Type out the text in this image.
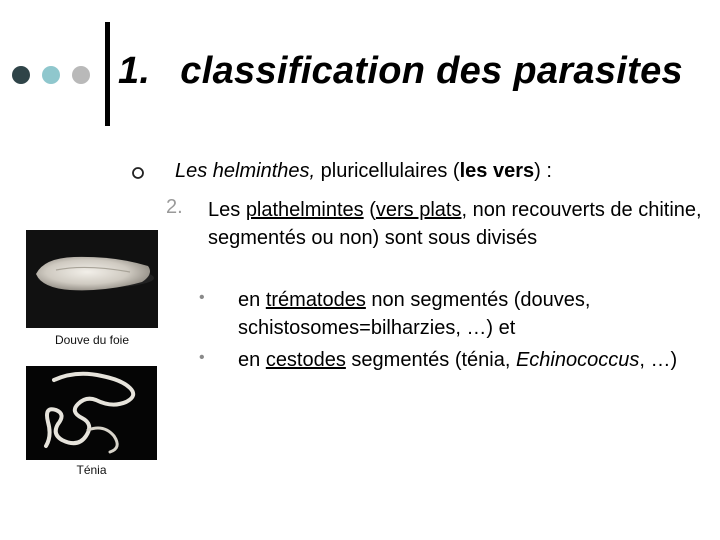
1. classification des parasites
Les helminthes, pluricellulaires (les vers) :
2. Les plathelmintes (vers plats, non recouverts de chitine, segmentés ou non) sont sous divisés
• en trématodes non segmentés (douves, schistosomes=bilharzies, …) et
• en cestodes segmentés (ténia, Echinococcus, …)
Douve du foie
Ténia
